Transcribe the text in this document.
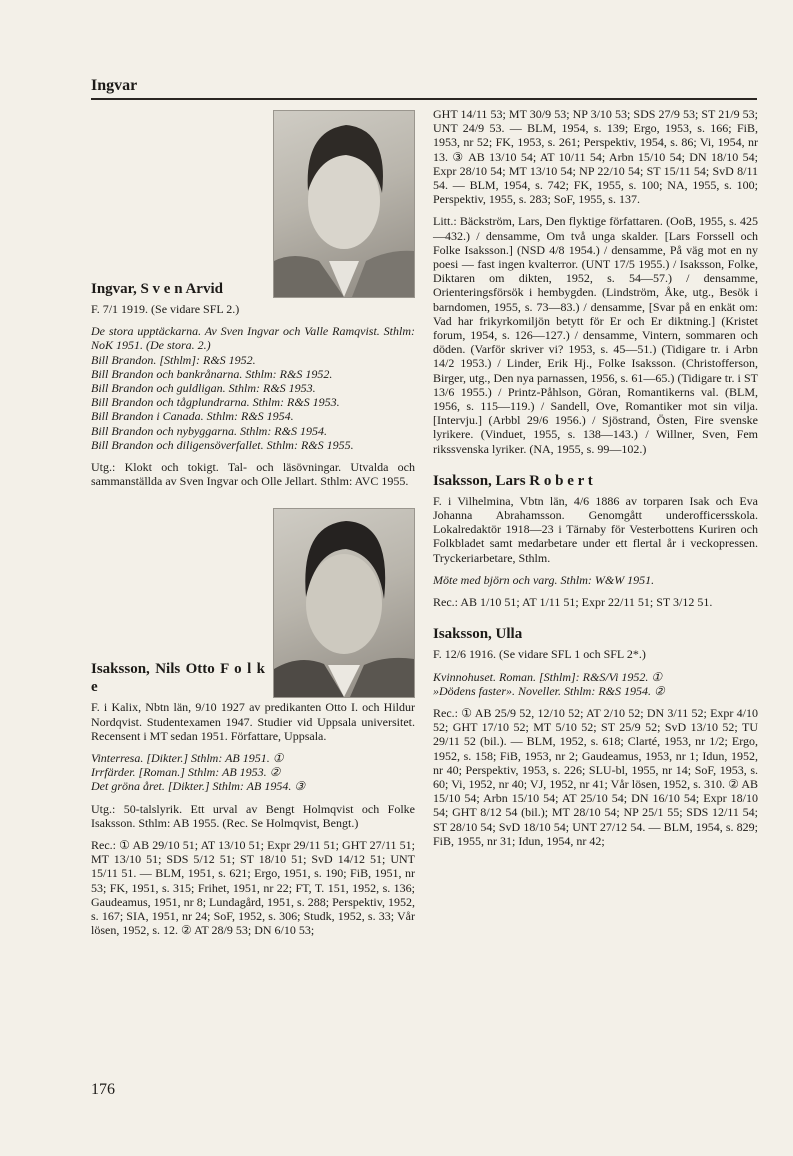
Ingvar
Ingvar, S v e n Arvid

F. 7/1 1919. (Se vidare SFL 2.)

De stora upptäckarna. Av Sven Ingvar och Valle Ramqvist. Sthlm: NoK 1951. (De stora. 2.)

Bill Brandon. [Sthlm]: R&S 1952.

Bill Brandon och bankrånarna. Sthlm: R&S 1952.

Bill Brandon och guldligan. Sthlm: R&S 1953.

Bill Brandon och tågplundrarna. Sthlm: R&S 1953.

Bill Brandon i Canada. Sthlm: R&S 1954.

Bill Brandon och nybyggarna. Sthlm: R&S 1954.

Bill Brandon och diligensöverfallet. Sthlm: R&S 1955.

Utg.: Klokt och tokigt. Tal- och läsövningar. Utvalda och sammanställda av Sven Ingvar och Olle Jellart. Sthlm: AVC 1955.

Isaksson, Nils Otto F o l k e

F. i Kalix, Nbtn län, 9/10 1927 av predikanten Otto I. och Hildur Nordqvist. Studentexamen 1947. Studier vid Uppsala universitet. Recensent i MT sedan 1951. Författare, Uppsala.

Vinterresa. [Dikter.] Sthlm: AB 1951. ①

Irrfärder. [Roman.] Sthlm: AB 1953. ②

Det gröna året. [Dikter.] Sthlm: AB 1954. ③

Utg.: 50-talslyrik. Ett urval av Bengt Holmqvist och Folke Isaksson. Sthlm: AB 1955. (Rec. Se Holmqvist, Bengt.)

Rec.: ① AB 29/10 51; AT 13/10 51; Expr 29/11 51; GHT 27/11 51; MT 13/10 51; SDS 5/12 51; ST 18/10 51; SvD 14/12 51; UNT 15/11 51. — BLM, 1951, s. 621; Ergo, 1951, s. 190; FiB, 1951, nr 53; FK, 1951, s. 315; Frihet, 1951, nr 22; FT, T. 151, 1952, s. 136; Gaudeamus, 1951, nr 8; Lundagård, 1951, s. 288; Perspektiv, 1952, s. 167; SIA, 1951, nr 24; SoF, 1952, s. 306; Studk, 1952, s. 33; Vår lösen, 1952, s. 12. ② AT 28/9 53; DN 6/10 53;

GHT 14/11 53; MT 30/9 53; NP 3/10 53; SDS 27/9 53; ST 21/9 53; UNT 24/9 53. — BLM, 1954, s. 139; Ergo, 1953, s. 166; FiB, 1953, nr 52; FK, 1953, s. 261; Perspektiv, 1954, s. 86; Vi, 1954, nr 13. ③ AB 13/10 54; AT 10/11 54; Arbn 15/10 54; DN 18/10 54; Expr 28/10 54; MT 13/10 54; NP 22/10 54; ST 15/11 54; SvD 8/11 54. — BLM, 1954, s. 742; FK, 1955, s. 100; NA, 1955, s. 100; Perspektiv, 1955, s. 283; SoF, 1955, s. 137.

Litt.: Bäckström, Lars, Den flyktige författaren. (OoB, 1955, s. 425—432.) / densamme, Om två unga skalder. [Lars Forssell och Folke Isaksson.] (NSD 4/8 1954.) / densamme, På väg mot en ny poesi — fast ingen kvalterror. (UNT 17/5 1955.) / Isaksson, Folke, Diktaren om dikten, 1952, s. 54—57.) / densamme, Orienteringsförsök i hembygden. (Lindström, Åke, utg., Besök i barndomen, 1955, s. 73—83.) / densamme, [Svar på en enkät om: Vad har frikyrkomiljön betytt för Er och Er diktning.] (Kristet forum, 1954, s. 126—127.) / densamme, Vintern, sommaren och döden. (Varför skriver vi? 1953, s. 45—51.) (Tidigare tr. i Arbn 14/2 1953.) / Linder, Erik Hj., Folke Isaksson. (Christofferson, Birger, utg., Den nya parnassen, 1956, s. 61—65.) (Tidigare tr. i ST 13/6 1955.) / Printz-Påhlson, Göran, Romantikerns val. (BLM, 1956, s. 115—119.) / Sandell, Ove, Romantiker mot sin vilja. [Intervju.] (Arbbl 29/6 1956.) / Sjöstrand, Östen, Fire svenske lyrikere. (Vinduet, 1955, s. 138—143.) / Willner, Sven, Fem rikssvenska lyriker. (NA, 1955, s. 99—102.)

Isaksson, Lars R o b e r t

F. i Vilhelmina, Vbtn län, 4/6 1886 av torparen Isak och Eva Johanna Abrahamsson. Genomgått underofficersskola. Lokalredaktör 1918—23 i Tärnaby för Vesterbottens Kuriren och Folkbladet samt medarbetare under ett flertal år i veckopressen. Tryckeriarbetare, Sthlm.

Möte med björn och varg. Sthlm: W&W 1951.

Rec.: AB 1/10 51; AT 1/11 51; Expr 22/11 51; ST 3/12 51.

Isaksson, Ulla

F. 12/6 1916. (Se vidare SFL 1 och SFL 2*.)

Kvinnohuset. Roman. [Sthlm]: R&S/Vi 1952. ①

»Dödens faster». Noveller. Sthlm: R&S 1954. ②

Rec.: ① AB 25/9 52, 12/10 52; AT 2/10 52; DN 3/11 52; Expr 4/10 52; GHT 17/10 52; MT 5/10 52; ST 25/9 52; SvD 13/10 52; TU 29/11 52 (bil.). — BLM, 1952, s. 618; Clarté, 1953, nr 1/2; Ergo, 1952, s. 158; FiB, 1953, nr 2; Gaudeamus, 1953, nr 1; Idun, 1952, nr 40; Perspektiv, 1953, s. 226; SLU-bl, 1955, nr 14; SoF, 1953, s. 60; Vi, 1952, nr 40; VJ, 1952, nr 41; Vår lösen, 1952, s. 310. ② AB 15/10 54; Arbn 15/10 54; AT 25/10 54; DN 16/10 54; Expr 18/10 54; GHT 8/12 54 (bil.); MT 28/10 54; NP 25/1 55; SDS 12/11 54; ST 28/10 54; SvD 18/10 54; UNT 27/12 54. — BLM, 1954, s. 829; FiB, 1955, nr 31; Idun, 1954, nr 42;

176
